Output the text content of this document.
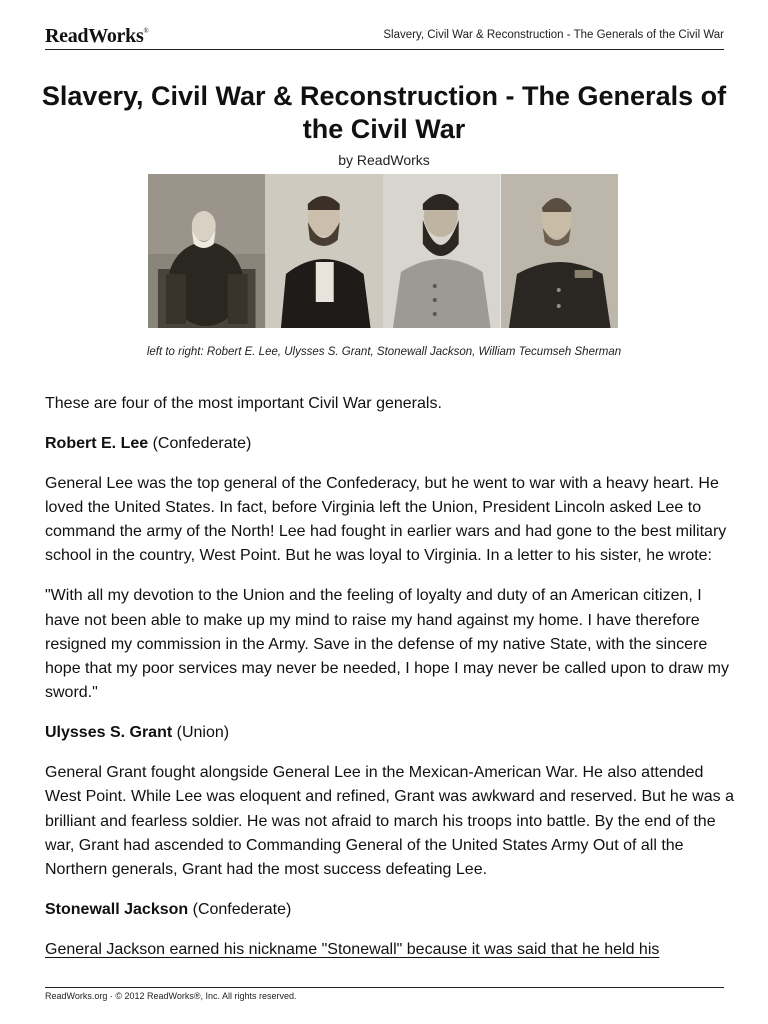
ReadWorks®	Slavery, Civil War & Reconstruction - The Generals of the Civil War
Slavery, Civil War & Reconstruction - The Generals of the Civil War
by ReadWorks
left to right: Robert E. Lee, Ulysses S. Grant, Stonewall Jackson, William Tecumseh Sherman

These are four of the most important Civil War generals.

Robert E. Lee (Confederate)

General Lee was the top general of the Confederacy, but he went to war with a heavy heart. He loved the United States. In fact, before Virginia left the Union, President Lincoln asked Lee to command the army of the North! Lee had fought in earlier wars and had gone to the best military school in the country, West Point. But he was loyal to Virginia. In a letter to his sister, he wrote:

"With all my devotion to the Union and the feeling of loyalty and duty of an American citizen, I have not been able to make up my mind to raise my hand against my home. I have therefore resigned my commission in the Army. Save in the defense of my native State, with the sincere hope that my poor services may never be needed, I hope I may never be called upon to draw my sword."

Ulysses S. Grant (Union)

General Grant fought alongside General Lee in the Mexican-American War. He also attended West Point. While Lee was eloquent and refined, Grant was awkward and reserved. But he was a brilliant and fearless soldier. He was not afraid to march his troops into battle. By the end of the war, Grant had ascended to Commanding General of the United States Army Out of all the Northern generals, Grant had the most success defeating Lee.

Stonewall Jackson (Confederate)

General Jackson earned his nickname "Stonewall" because it was said that he held his

ReadWorks.org · © 2012 ReadWorks®, Inc. All rights reserved.
